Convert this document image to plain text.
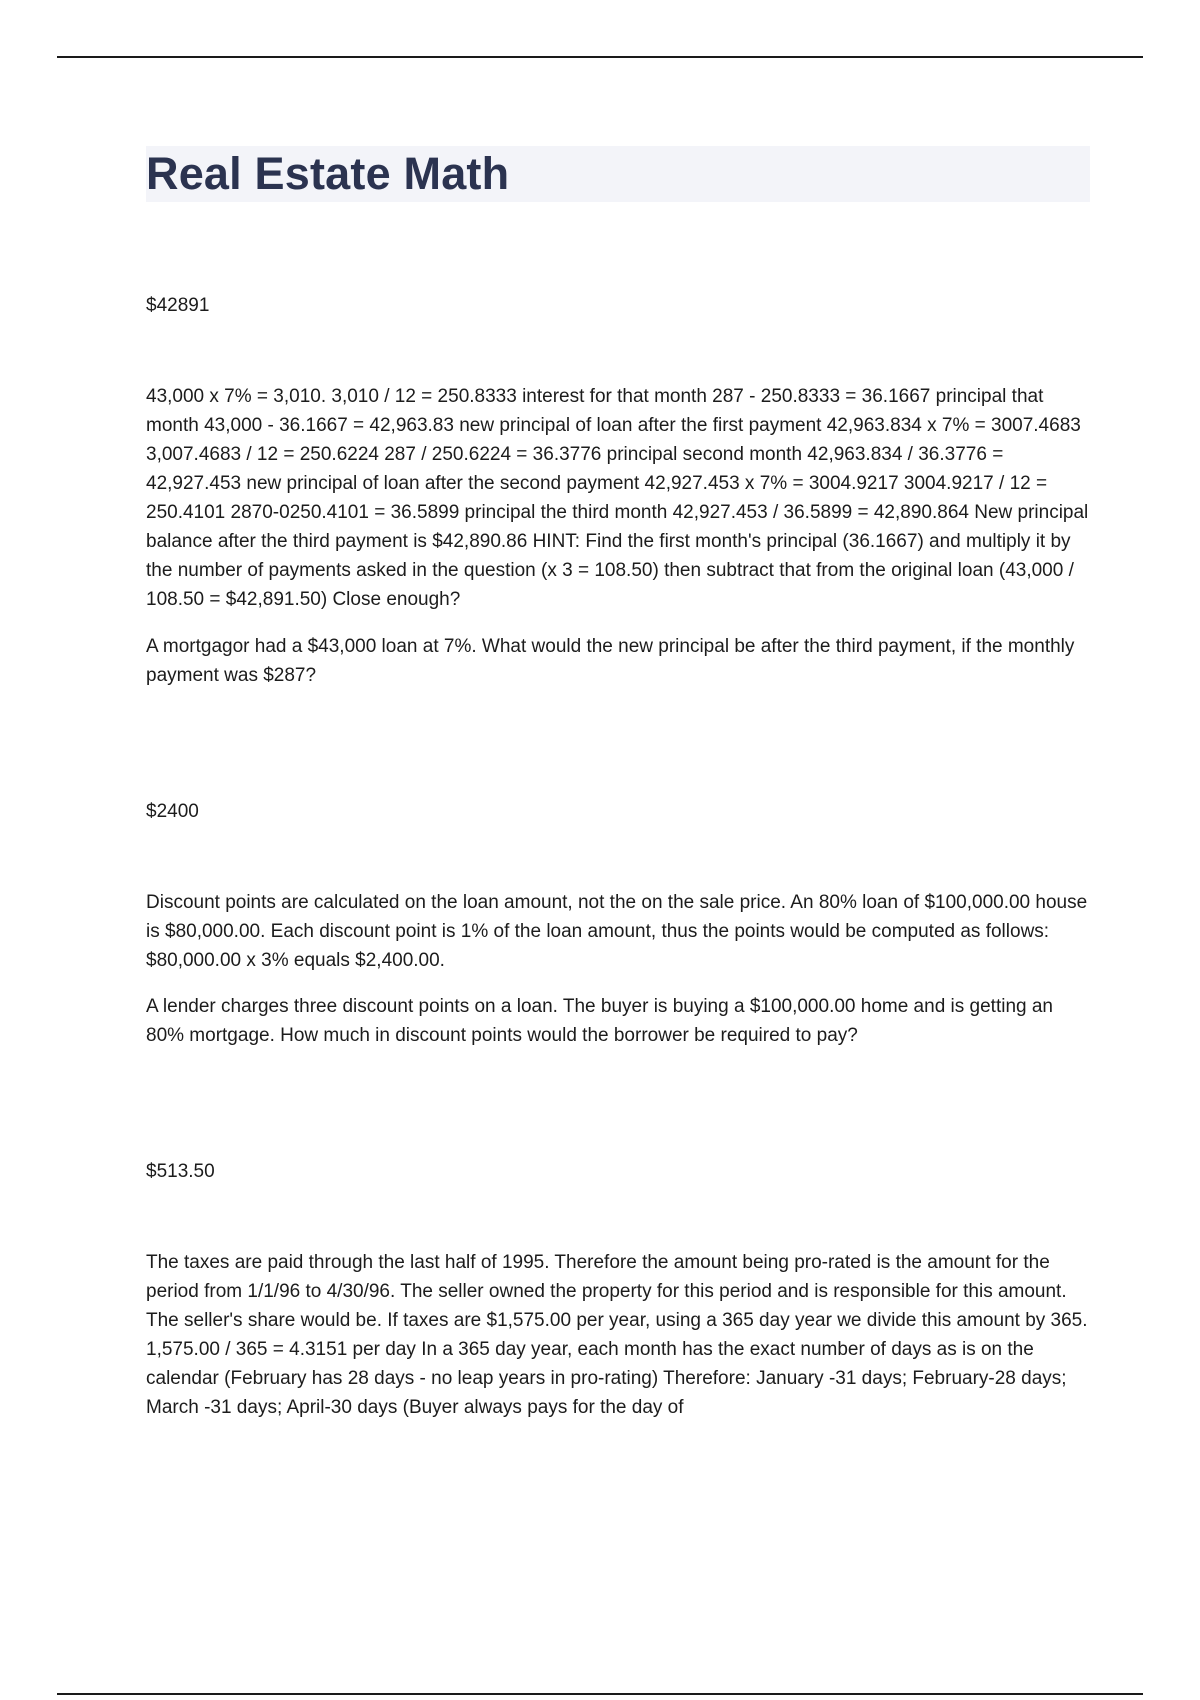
Real Estate Math

$42891

43,000 x 7% = 3,010. 3,010 / 12 = 250.8333 interest for that month 287 - 250.8333 = 36.1667 principal that month 43,000 - 36.1667 = 42,963.83 new principal of loan after the first payment 42,963.834 x 7% = 3007.4683 3,007.4683 / 12 = 250.6224 287 / 250.6224 = 36.3776 principal second month 42,963.834 / 36.3776 = 42,927.453 new principal of loan after the second payment 42,927.453 x 7% = 3004.9217 3004.9217 / 12 = 250.4101 2870-0250.4101 = 36.5899 principal the third month 42,927.453 / 36.5899 = 42,890.864 New principal balance after the third payment is $42,890.86 HINT: Find the first month's principal (36.1667) and multiply it by the number of payments asked in the question (x 3 = 108.50) then subtract that from the original loan (43,000 / 108.50 = $42,891.50) Close enough?

A mortgagor had a $43,000 loan at 7%. What would the new principal be after the third payment, if the monthly payment was $287?

$2400

Discount points are calculated on the loan amount, not the on the sale price. An 80% loan of $100,000.00 house is $80,000.00. Each discount point is 1% of the loan amount, thus the points would be computed as follows: $80,000.00 x 3% equals $2,400.00.

A lender charges three discount points on a loan. The buyer is buying a $100,000.00 home and is getting an 80% mortgage. How much in discount points would the borrower be required to pay?

$513.50

The taxes are paid through the last half of 1995. Therefore the amount being pro-rated is the amount for the period from 1/1/96 to 4/30/96. The seller owned the property for this period and is responsible for this amount. The seller's share would be. If taxes are $1,575.00 per year, using a 365 day year we divide this amount by 365. 1,575.00 / 365 = 4.3151 per day In a 365 day year, each month has the exact number of days as is on the calendar (February has 28 days - no leap years in pro-rating) Therefore: January -31 days; February-28 days; March -31 days; April-30 days (Buyer always pays for the day of
